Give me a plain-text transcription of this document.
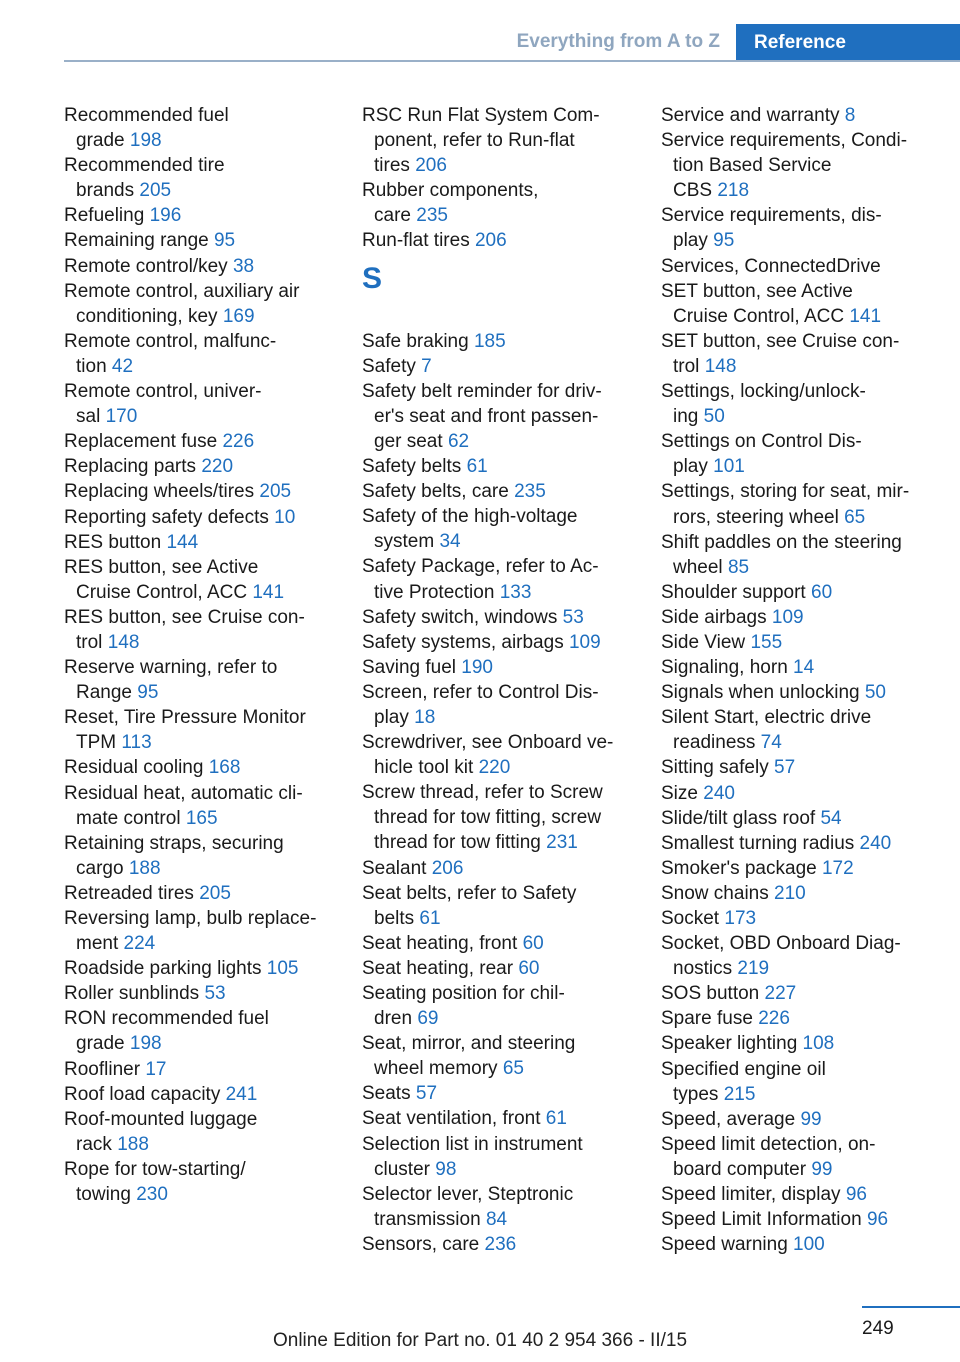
Everything from A to Z	Reference
Recommended fuel
grade 198
Recommended tire
brands 205
Refueling 196
Remaining range 95
Remote control/key 38
Remote control, auxiliary air
conditioning, key 169
Remote control, malfunc-
tion 42
Remote control, univer-
sal 170
Replacement fuse 226
Replacing parts 220
Replacing wheels/tires 205
Reporting safety defects 10
RES button 144
RES button, see Active
Cruise Control, ACC 141
RES button, see Cruise con-
trol 148
Reserve warning, refer to
Range 95
Reset, Tire Pressure Monitor
TPM 113
Residual cooling 168
Residual heat, automatic cli-
mate control 165
Retaining straps, securing
cargo 188
Retreaded tires 205
Reversing lamp, bulb replace-
ment 224
Roadside parking lights 105
Roller sunblinds 53
RON recommended fuel
grade 198
Roofliner 17
Roof load capacity 241
Roof-mounted luggage
rack 188
Rope for tow-starting/
towing 230
RSC Run Flat System Com-
ponent, refer to Run-flat
tires 206
Rubber components,
care 235
Run-flat tires 206
S
Safe braking 185
Safety 7
Safety belt reminder for driv-
er's seat and front passen-
ger seat 62
Safety belts 61
Safety belts, care 235
Safety of the high-voltage
system 34
Safety Package, refer to Ac-
tive Protection 133
Safety switch, windows 53
Safety systems, airbags 109
Saving fuel 190
Screen, refer to Control Dis-
play 18
Screwdriver, see Onboard ve-
hicle tool kit 220
Screw thread, refer to Screw
thread for tow fitting, screw
thread for tow fitting 231
Sealant 206
Seat belts, refer to Safety
belts 61
Seat heating, front 60
Seat heating, rear 60
Seating position for chil-
dren 69
Seat, mirror, and steering
wheel memory 65
Seats 57
Seat ventilation, front 61
Selection list in instrument
cluster 98
Selector lever, Steptronic
transmission 84
Sensors, care 236
Service and warranty 8
Service requirements, Condi-
tion Based Service
CBS 218
Service requirements, dis-
play 95
Services, ConnectedDrive
SET button, see Active
Cruise Control, ACC 141
SET button, see Cruise con-
trol 148
Settings, locking/unlock-
ing 50
Settings on Control Dis-
play 101
Settings, storing for seat, mir-
rors, steering wheel 65
Shift paddles on the steering
wheel 85
Shoulder support 60
Side airbags 109
Side View 155
Signaling, horn 14
Signals when unlocking 50
Silent Start, electric drive
readiness 74
Sitting safely 57
Size 240
Slide/tilt glass roof 54
Smallest turning radius 240
Smoker's package 172
Snow chains 210
Socket 173
Socket, OBD Onboard Diag-
nostics 219
SOS button 227
Spare fuse 226
Speaker lighting 108
Specified engine oil
types 215
Speed, average 99
Speed limit detection, on-
board computer 99
Speed limiter, display 96
Speed Limit Information 96
Speed warning 100
249
Online Edition for Part no. 01 40 2 954 366 - II/15
